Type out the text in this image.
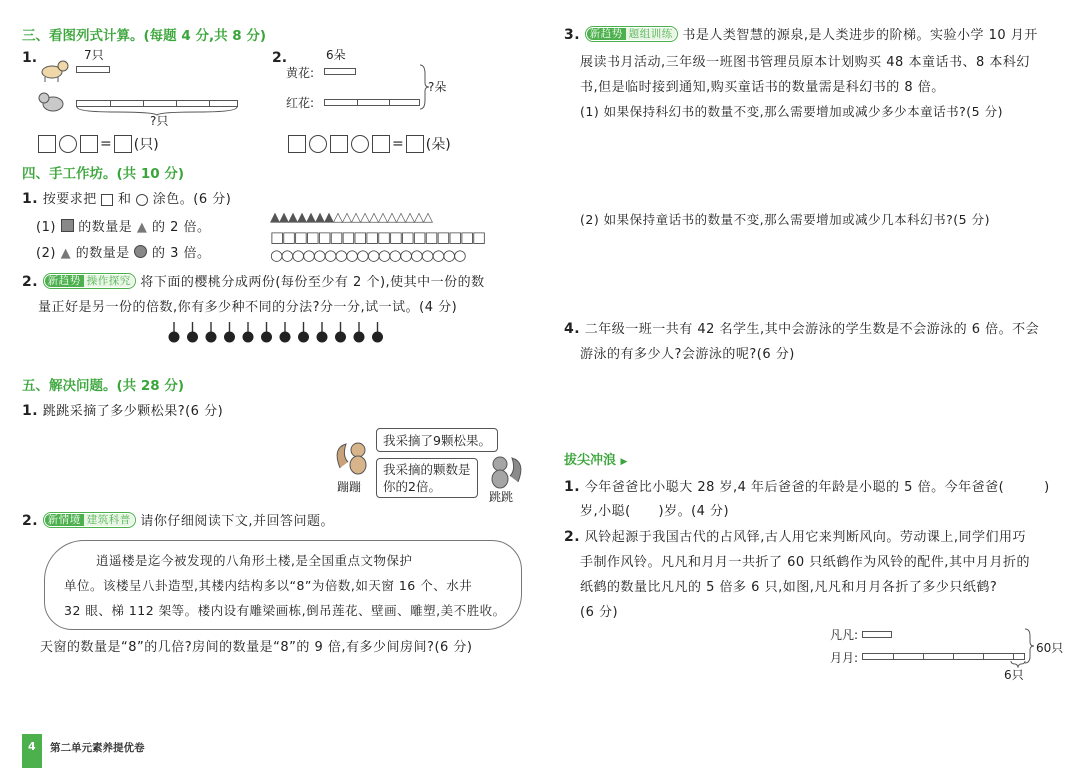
三、看图列式计算。(每题 4 分,共 8 分)
1.	7只
?只
= (只)
2.	6朵
黄花:
红花:
?朵
= (朵)
四、手工作坊。(共 10 分)
1. 按要求把 和 涂色。(6 分)
(1) 的数量是 ▲ 的 2 倍。
(2) ▲ 的数量是 的 3 倍。
▲▲▲▲▲▲▲△△△△△△△△△△△
□□□□□□□□□□□□□□□□□□
○○○○○○○○○○○○○○○○○○
2. 新趋势 操作探究 将下面的樱桃分成两份(每份至少有 2 个),使其中一份的数
量正好是另一份的倍数,你有多少种不同的分法?分一分,试一试。(4 分)
五、解决问题。(共 28 分)
1. 跳跳采摘了多少颗松果?(6 分)
蹦蹦
我采摘了9颗松果。
我采摘的颗数是
你的2倍。
跳跳
2. 新情境 建筑科普 请你仔细阅读下文,并回答问题。
逍遥楼是迄今被发现的八角形土楼,是全国重点文物保护
单位。该楼呈八卦造型,其楼内结构多以“8”为倍数,如天窗 16 个、水井
32 眼、梯 112 架等。楼内设有雕梁画栋,倒吊莲花、壁画、雕塑,美不胜收。
天窗的数量是“8”的几倍?房间的数量是“8”的 9 倍,有多少间房间?(6 分)
4 第二单元素养提优卷
3. 新趋势 题组训练 书是人类智慧的源泉,是人类进步的阶梯。实验小学 10 月开
展读书月活动,三年级一班图书管理员原本计划购买 48 本童话书、8 本科幻
书,但是临时接到通知,购买童话书的数量需是科幻书的 8 倍。
(1) 如果保持科幻书的数量不变,那么需要增加或减少多少本童话书?(5 分)
(2) 如果保持童话书的数量不变,那么需要增加或减少几本科幻书?(5 分)
4. 二年级一班一共有 42 名学生,其中会游泳的学生数是不会游泳的 6 倍。不会
游泳的有多少人?会游泳的呢?(6 分)
拔尖冲浪 ▶
1. 今年爸爸比小聪大 28 岁,4 年后爸爸的年龄是小聪的 5 倍。今年爸爸(	)
岁,小聪(      )岁。(4 分)
2. 风铃起源于我国古代的占风铎,古人用它来判断风向。劳动课上,同学们用巧
手制作风铃。凡凡和月月一共折了 60 只纸鹤作为风铃的配件,其中月月折的
纸鹤的数量比凡凡的 5 倍多 6 只,如图,凡凡和月月各折了多少只纸鹤?
(6 分)
凡凡:
月月:
60只
6只
